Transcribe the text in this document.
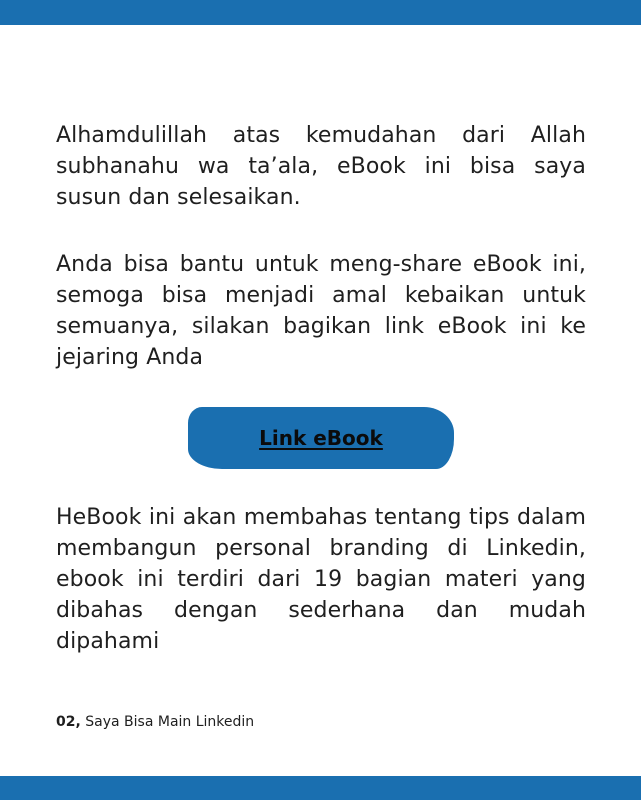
Alhamdulillah atas kemudahan dari Allah subhanahu wa ta’ala, eBook ini bisa saya susun dan selesaikan.

Anda bisa bantu untuk meng-share eBook ini, semoga bisa menjadi amal kebaikan untuk semuanya, silakan bagikan link eBook ini ke jejaring Anda

Link eBook

HeBook ini akan membahas tentang tips dalam membangun personal branding di Linkedin, ebook ini terdiri dari 19 bagian materi yang dibahas dengan sederhana dan mudah dipahami

02, Saya Bisa Main Linkedin
